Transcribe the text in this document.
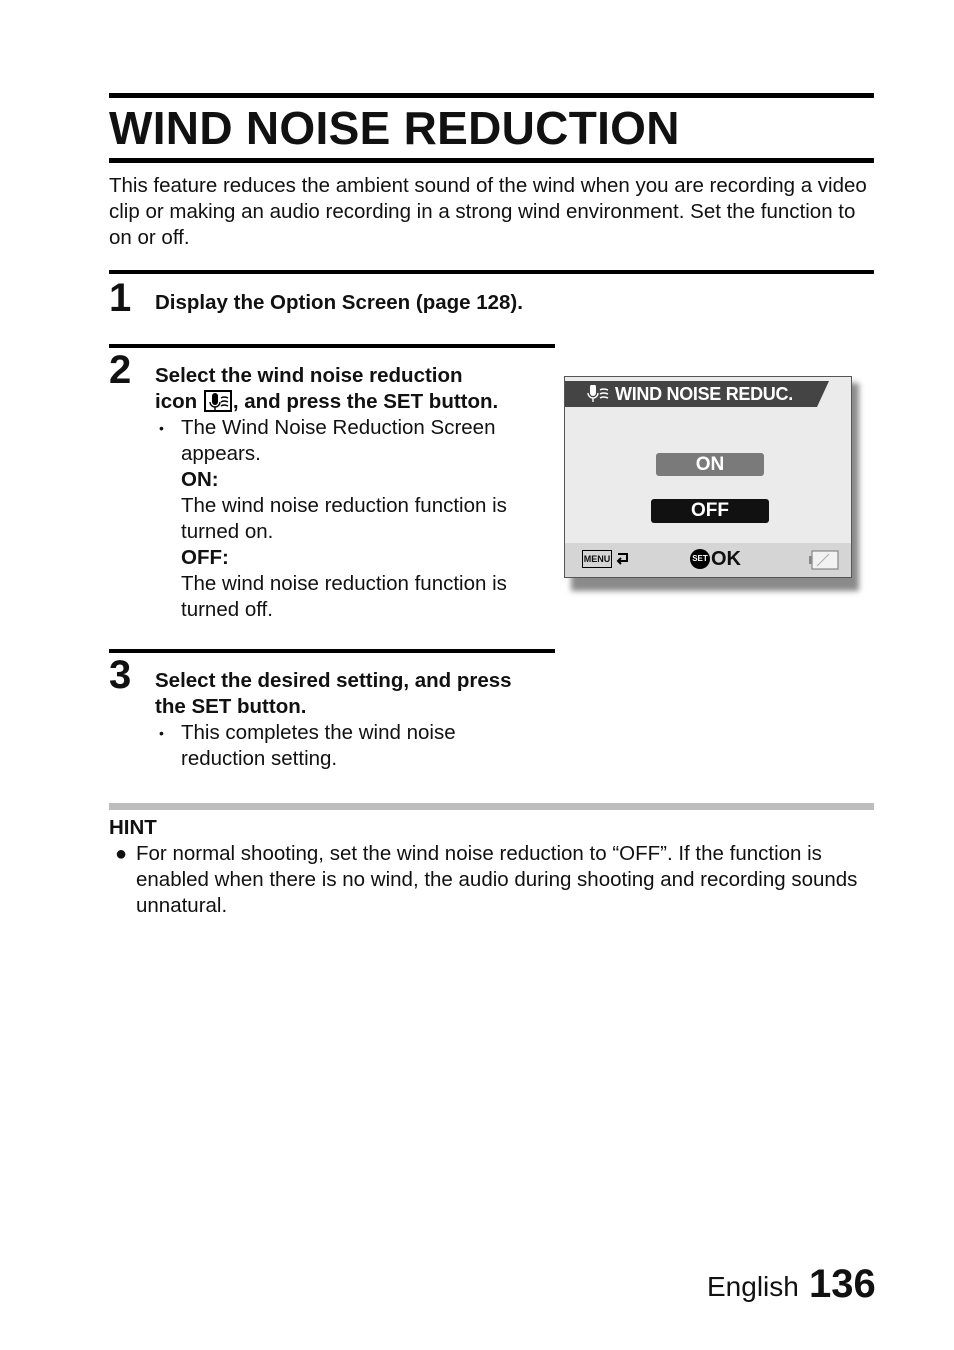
WIND NOISE REDUCTION
This feature reduces the ambient sound of the wind when you are recording a video clip or making an audio recording in a strong wind environment. Set the function to on or off.
1 Display the Option Screen (page 128).
2 Select the wind noise reduction
icon , and press the SET button.
• The Wind Noise Reduction Screen appears.
ON:
The wind noise reduction function is turned on.
OFF:
The wind noise reduction function is turned off.
WIND NOISE REDUC.
ON
OFF
MENU	SET OK
3 Select the desired setting, and press the SET button.
• This completes the wind noise reduction setting.
HINT
● For normal shooting, set the wind noise reduction to “OFF”. If the function is enabled when there is no wind, the audio during shooting and recording sounds unnatural.
English 136
